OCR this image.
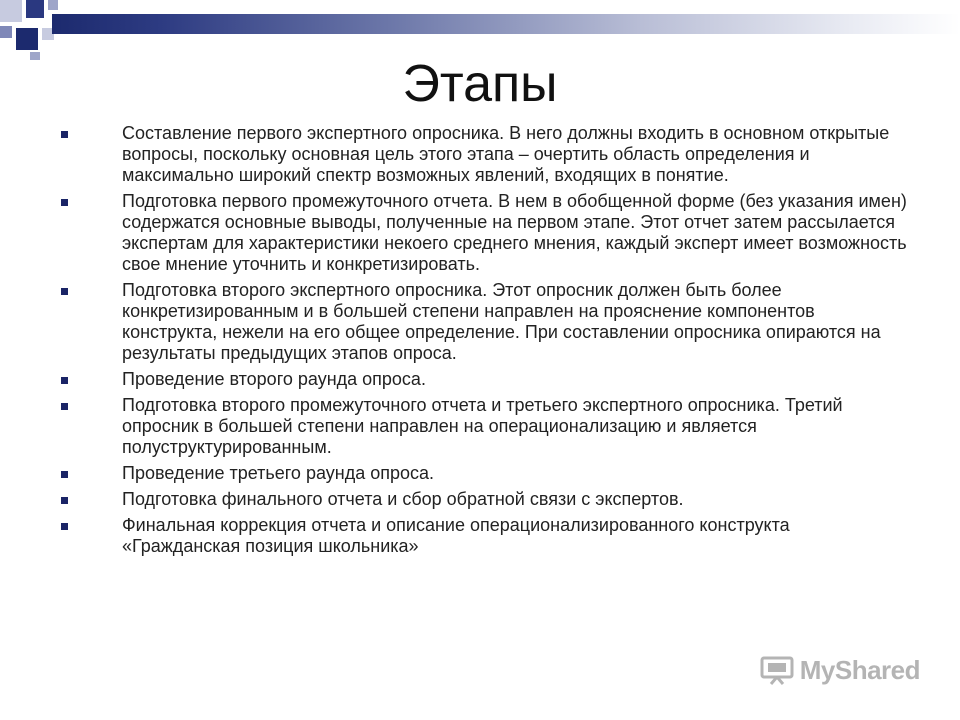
Этапы
Составление первого экспертного опросника. В него должны входить в основном открытые вопросы, поскольку основная цель этого этапа – очертить область определения и максимально широкий спектр возможных явлений, входящих в понятие.
Подготовка первого промежуточного отчета. В нем в обобщенной форме (без указания имен) содержатся основные выводы, полученные на первом этапе. Этот отчет затем рассылается экспертам для характеристики некоего среднего мнения, каждый эксперт имеет возможность свое мнение уточнить и конкретизировать.
Подготовка второго экспертного опросника. Этот опросник должен быть более конкретизированным и в большей степени направлен на прояснение компонентов конструкта, нежели на его общее определение. При составлении опросника опираются на результаты предыдущих этапов опроса.
Проведение второго раунда опроса.
Подготовка второго промежуточного отчета и третьего экспертного опросника. Третий опросник в большей степени направлен на операционализацию и является полуструктурированным.
Проведение третьего раунда опроса.
Подготовка финального отчета и сбор обратной связи с экспертов.
Финальная коррекция отчета и описание операционализированного конструкта «Гражданская позиция школьника»
MyShared
